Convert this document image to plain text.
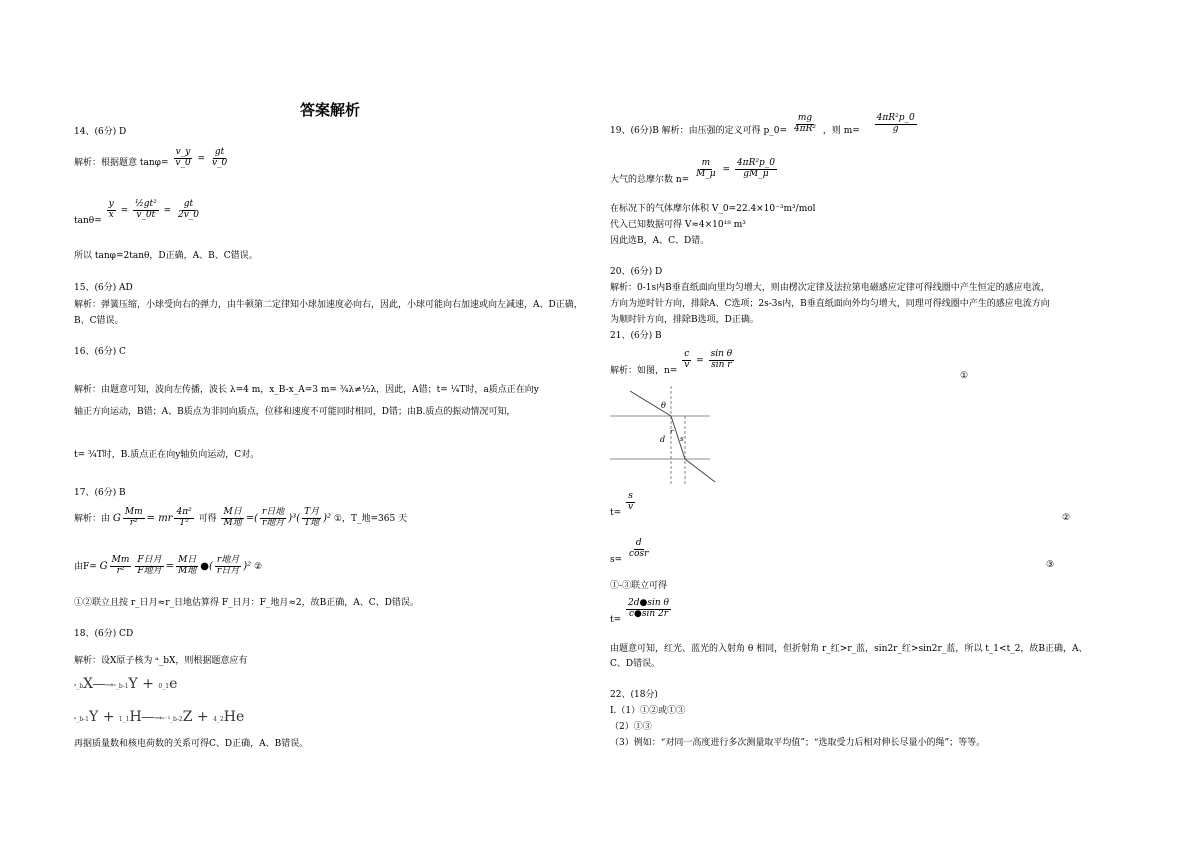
答案解析
14、(6分) D
解析：根据题意 $\tan\varphi= \frac{v\_y}{v\_0} = \frac{gt}{v\_0}$
tanθ=
$\frac{y}{x} = \frac{\text{½gt²}}{v\_0t} = \frac{gt}{2v\_0}$
所以 tanφ=2tanθ，D正确，A、B、C错误。
15、(6分) AD
解析：弹簧压缩，小球受向右的弹力，由牛顿第二定律知小球加速度必向右，因此，小球可能向右加速或向左减速，A、D正确，B、C错误。
16、(6分) C
解析：由题意可知，波向左传播，波长 λ=4 m，x_B-x_A=3 m= ¾λ≠½λ，因此，A错；t= ¼T时，a质点正在向y
轴正方向运动，B错；A、B质点为非同向质点，位移和速度不可能同时相同，D错；由B.质点的振动情况可知，
t= ¾T时，B.质点正在向y轴负向运动，C对。
17、(6分) B
解析：由 G $\frac{Mm}{\text{r²}}$ = mr $\frac{\text{4π²}}{\text{T²}}$ 可得 $\frac{\text{M日}}{\text{M地}}$ =( $\frac{\text{r日地}}{\text{r地月}} )^3( \frac{\text{T月}}{\text{T地}} )^2$ ①，T_地=365 天
由F= G $\frac{Mm}{\text{r²}} \frac{\text{F日月}}{\text{F地月}} = \frac{\text{M日}}{\text{M地}}$ ●( $\frac{\text{r地月}}{\text{r日月}} )^2$ ②
①②联立且按 r_日月≈r_日地估算得 F_日月：F_地月≈2，故B正确，A、C、D错误。
18、(6分) CD
解析：设X原子核为 ᵃ_bX，则根据题意应有
ᵃ_bX──→ᵃ_b-1Y + 0_1e
ᵃ_b-1Y + 1_1H──→ᵃ⁻³_b-2Z + 4_2He
再据质量数和核电荷数的关系可得C、D正确，A、B错误。
19、(6分)B 解析：由压强的定义可得 p_0= $\frac{mg}{\text{4πR²}}$ ，则 $m= \frac{\text{4πR²p\_0}}{g}$
大气的总摩尔数 n=
$\frac{m}{M\_\mu} = \frac{\text{4πR²p\_0}}{gM\_\mu}$
在标况下的气体摩尔体积 V_0=22.4×10⁻³m³/mol
代入已知数据可得 V≈4×10¹⁸ m³
因此选B，A、C、D错。
20、(6分) D
解析：0-1s内B垂直纸面向里均匀增大，则由楞次定律及法拉第电磁感应定律可得线圈中产生恒定的感应电流，
方向为逆时针方向，排除A、C选项；2s-3s内，B垂直纸面向外均匀增大，同理可得线圈中产生的感应电流方向
为顺时针方向，排除B选项，D正确。
21、(6分) B
解析：如图，n=
$\frac{c}{v} = \frac{\text{sin θ}}{\text{sin r}}$
①
θ
d
r
s
t=
$\frac{s}{v}$
②
s=
$\frac{d}{\cos r}$
③
①-③联立可得
t=
$\frac{\text{2d●sin θ}}{c●\sin 2r}$
由题意可知，红光、蓝光的入射角 θ 相同，但折射角 r_红>r_蓝，sin2r_红>sin2r_蓝，所以 t_1<t_2，故B正确，A、
C、D错误。
22、(18分)
Ⅰ.（1）①②或①③
（2）①③
（3）例如：“对同一高度进行多次测量取平均值”；“选取受力后相对伸长尽量小的绳”；等等。
